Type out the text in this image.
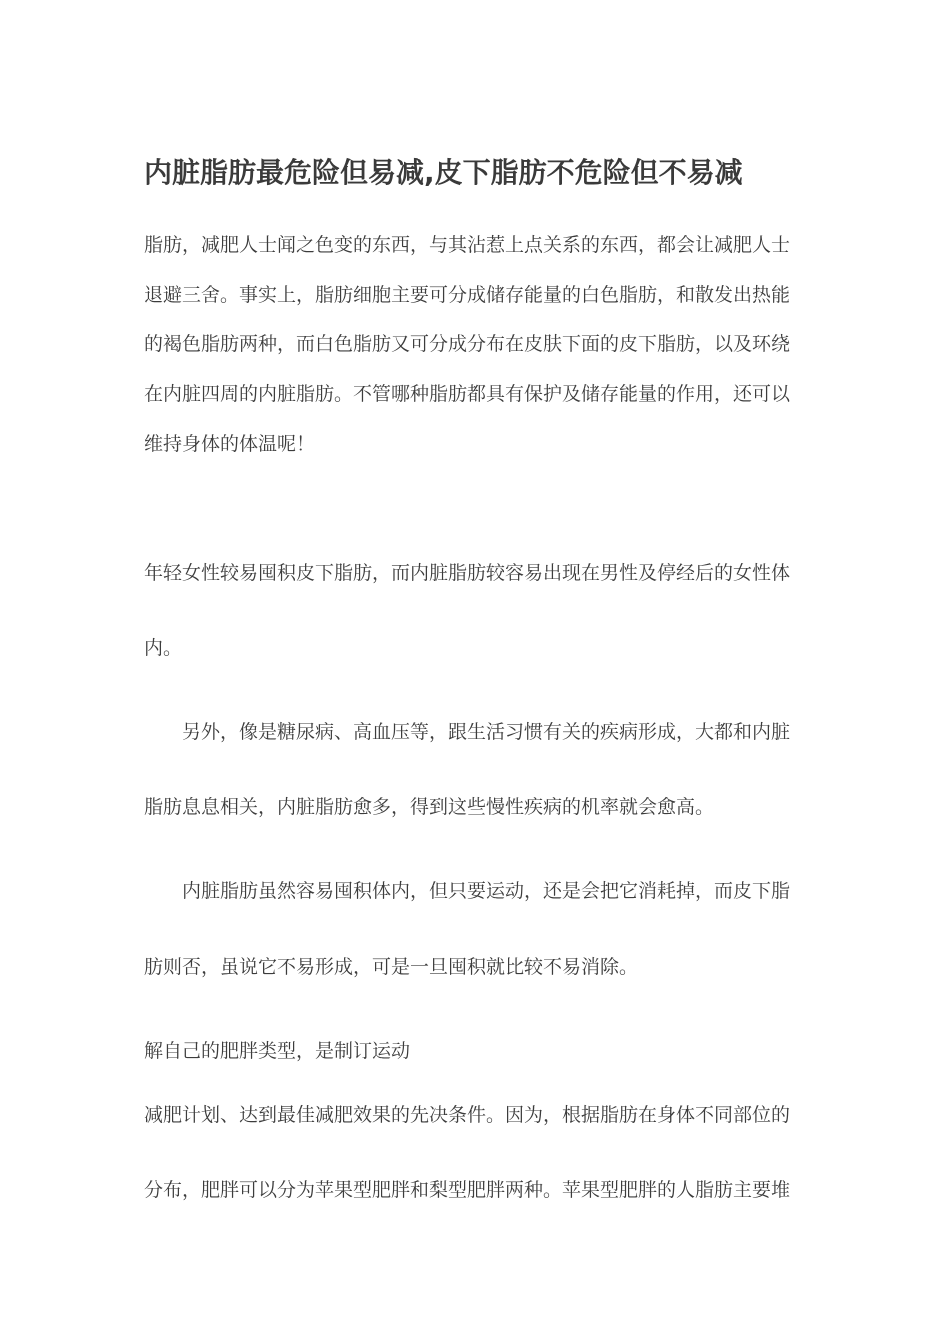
内脏脂肪最危险但易减,皮下脂肪不危险但不易减

脂肪，减肥人士闻之色变的东西，与其沾惹上点关系的东西，都会让减肥人士

退避三舍。事实上，脂肪细胞主要可分成储存能量的白色脂肪，和散发出热能

的褐色脂肪两种，而白色脂肪又可分成分布在皮肤下面的皮下脂肪，以及环绕

在内脏四周的内脏脂肪。不管哪种脂肪都具有保护及储存能量的作用，还可以

维持身体的体温呢！

年轻女性较易囤积皮下脂肪，而内脏脂肪较容易出现在男性及停经后的女性体

内。

　　另外，像是糖尿病、高血压等，跟生活习惯有关的疾病形成，大都和内脏

脂肪息息相关，内脏脂肪愈多，得到这些慢性疾病的机率就会愈高。

　　内脏脂肪虽然容易囤积体内，但只要运动，还是会把它消耗掉，而皮下脂

肪则否，虽说它不易形成，可是一旦囤积就比较不易消除。

解自己的肥胖类型，是制订运动

减肥计划、达到最佳减肥效果的先决条件。因为，根据脂肪在身体不同部位的

分布，肥胖可以分为苹果型肥胖和梨型肥胖两种。苹果型肥胖的人脂肪主要堆
